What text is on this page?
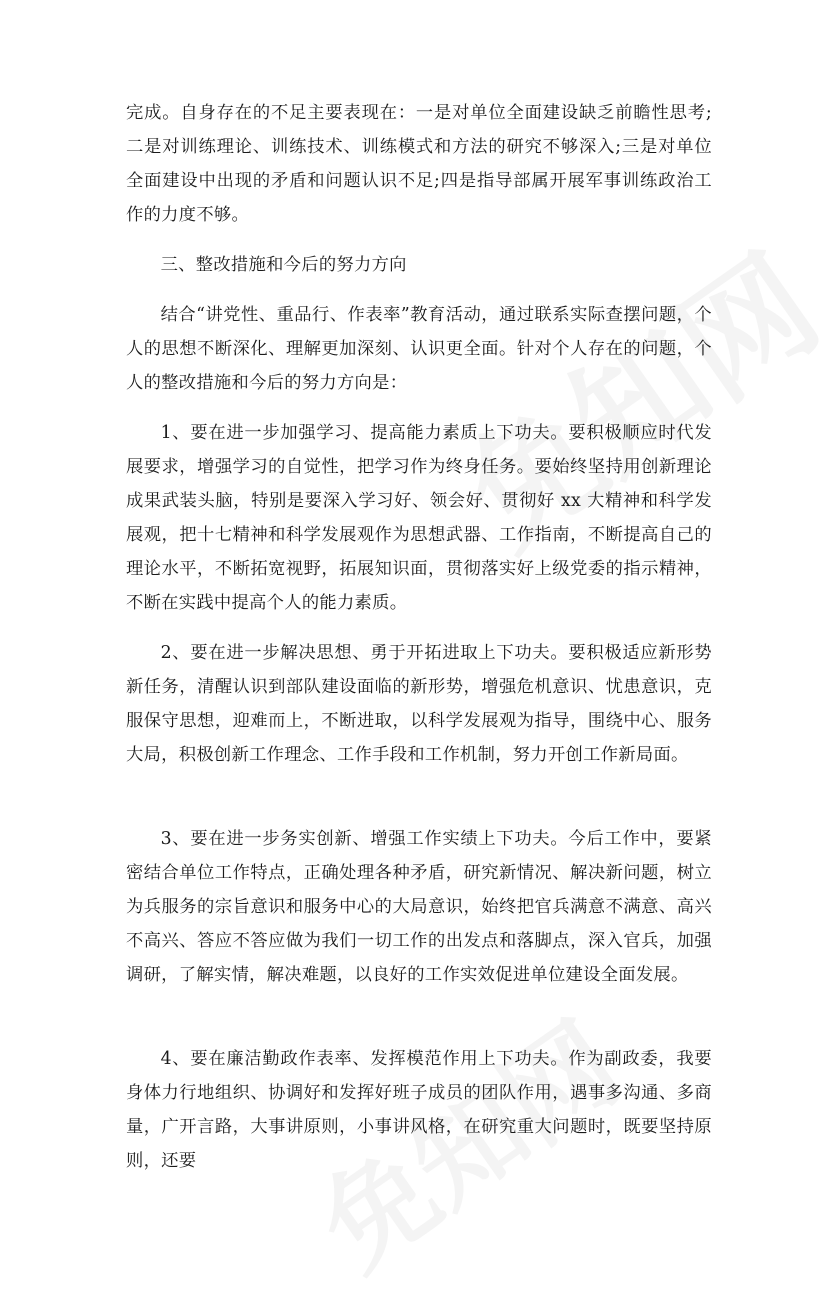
完成。自身存在的不足主要表现在：一是对单位全面建设缺乏前瞻性思考;二是对训练理论、训练技术、训练模式和方法的研究不够深入;三是对单位全面建设中出现的矛盾和问题认识不足;四是指导部属开展军事训练政治工作的力度不够。

三、整改措施和今后的努力方向

结合“讲党性、重品行、作表率”教育活动，通过联系实际查摆问题，个人的思想不断深化、理解更加深刻、认识更全面。针对个人存在的问题，个人的整改措施和今后的努力方向是：

1、要在进一步加强学习、提高能力素质上下功夫。要积极顺应时代发展要求，增强学习的自觉性，把学习作为终身任务。要始终坚持用创新理论成果武装头脑，特别是要深入学习好、领会好、贯彻好 xx 大精神和科学发展观，把十七精神和科学发展观作为思想武器、工作指南，不断提高自己的理论水平，不断拓宽视野，拓展知识面，贯彻落实好上级党委的指示精神，不断在实践中提高个人的能力素质。

2、要在进一步解决思想、勇于开拓进取上下功夫。要积极适应新形势新任务，清醒认识到部队建设面临的新形势，增强危机意识、忧患意识，克服保守思想，迎难而上，不断进取，以科学发展观为指导，围绕中心、服务大局，积极创新工作理念、工作手段和工作机制，努力开创工作新局面。

3、要在进一步务实创新、增强工作实绩上下功夫。今后工作中，要紧密结合单位工作特点，正确处理各种矛盾，研究新情况、解决新问题，树立为兵服务的宗旨意识和服务中心的大局意识，始终把官兵满意不满意、高兴不高兴、答应不答应做为我们一切工作的出发点和落脚点，深入官兵，加强调研，了解实情，解决难题，以良好的工作实效促进单位建设全面发展。

4、要在廉洁勤政作表率、发挥模范作用上下功夫。作为副政委，我要身体力行地组织、协调好和发挥好班子成员的团队作用，遇事多沟通、多商量，广开言路，大事讲原则，小事讲风格，在研究重大问题时，既要坚持原则，还要
